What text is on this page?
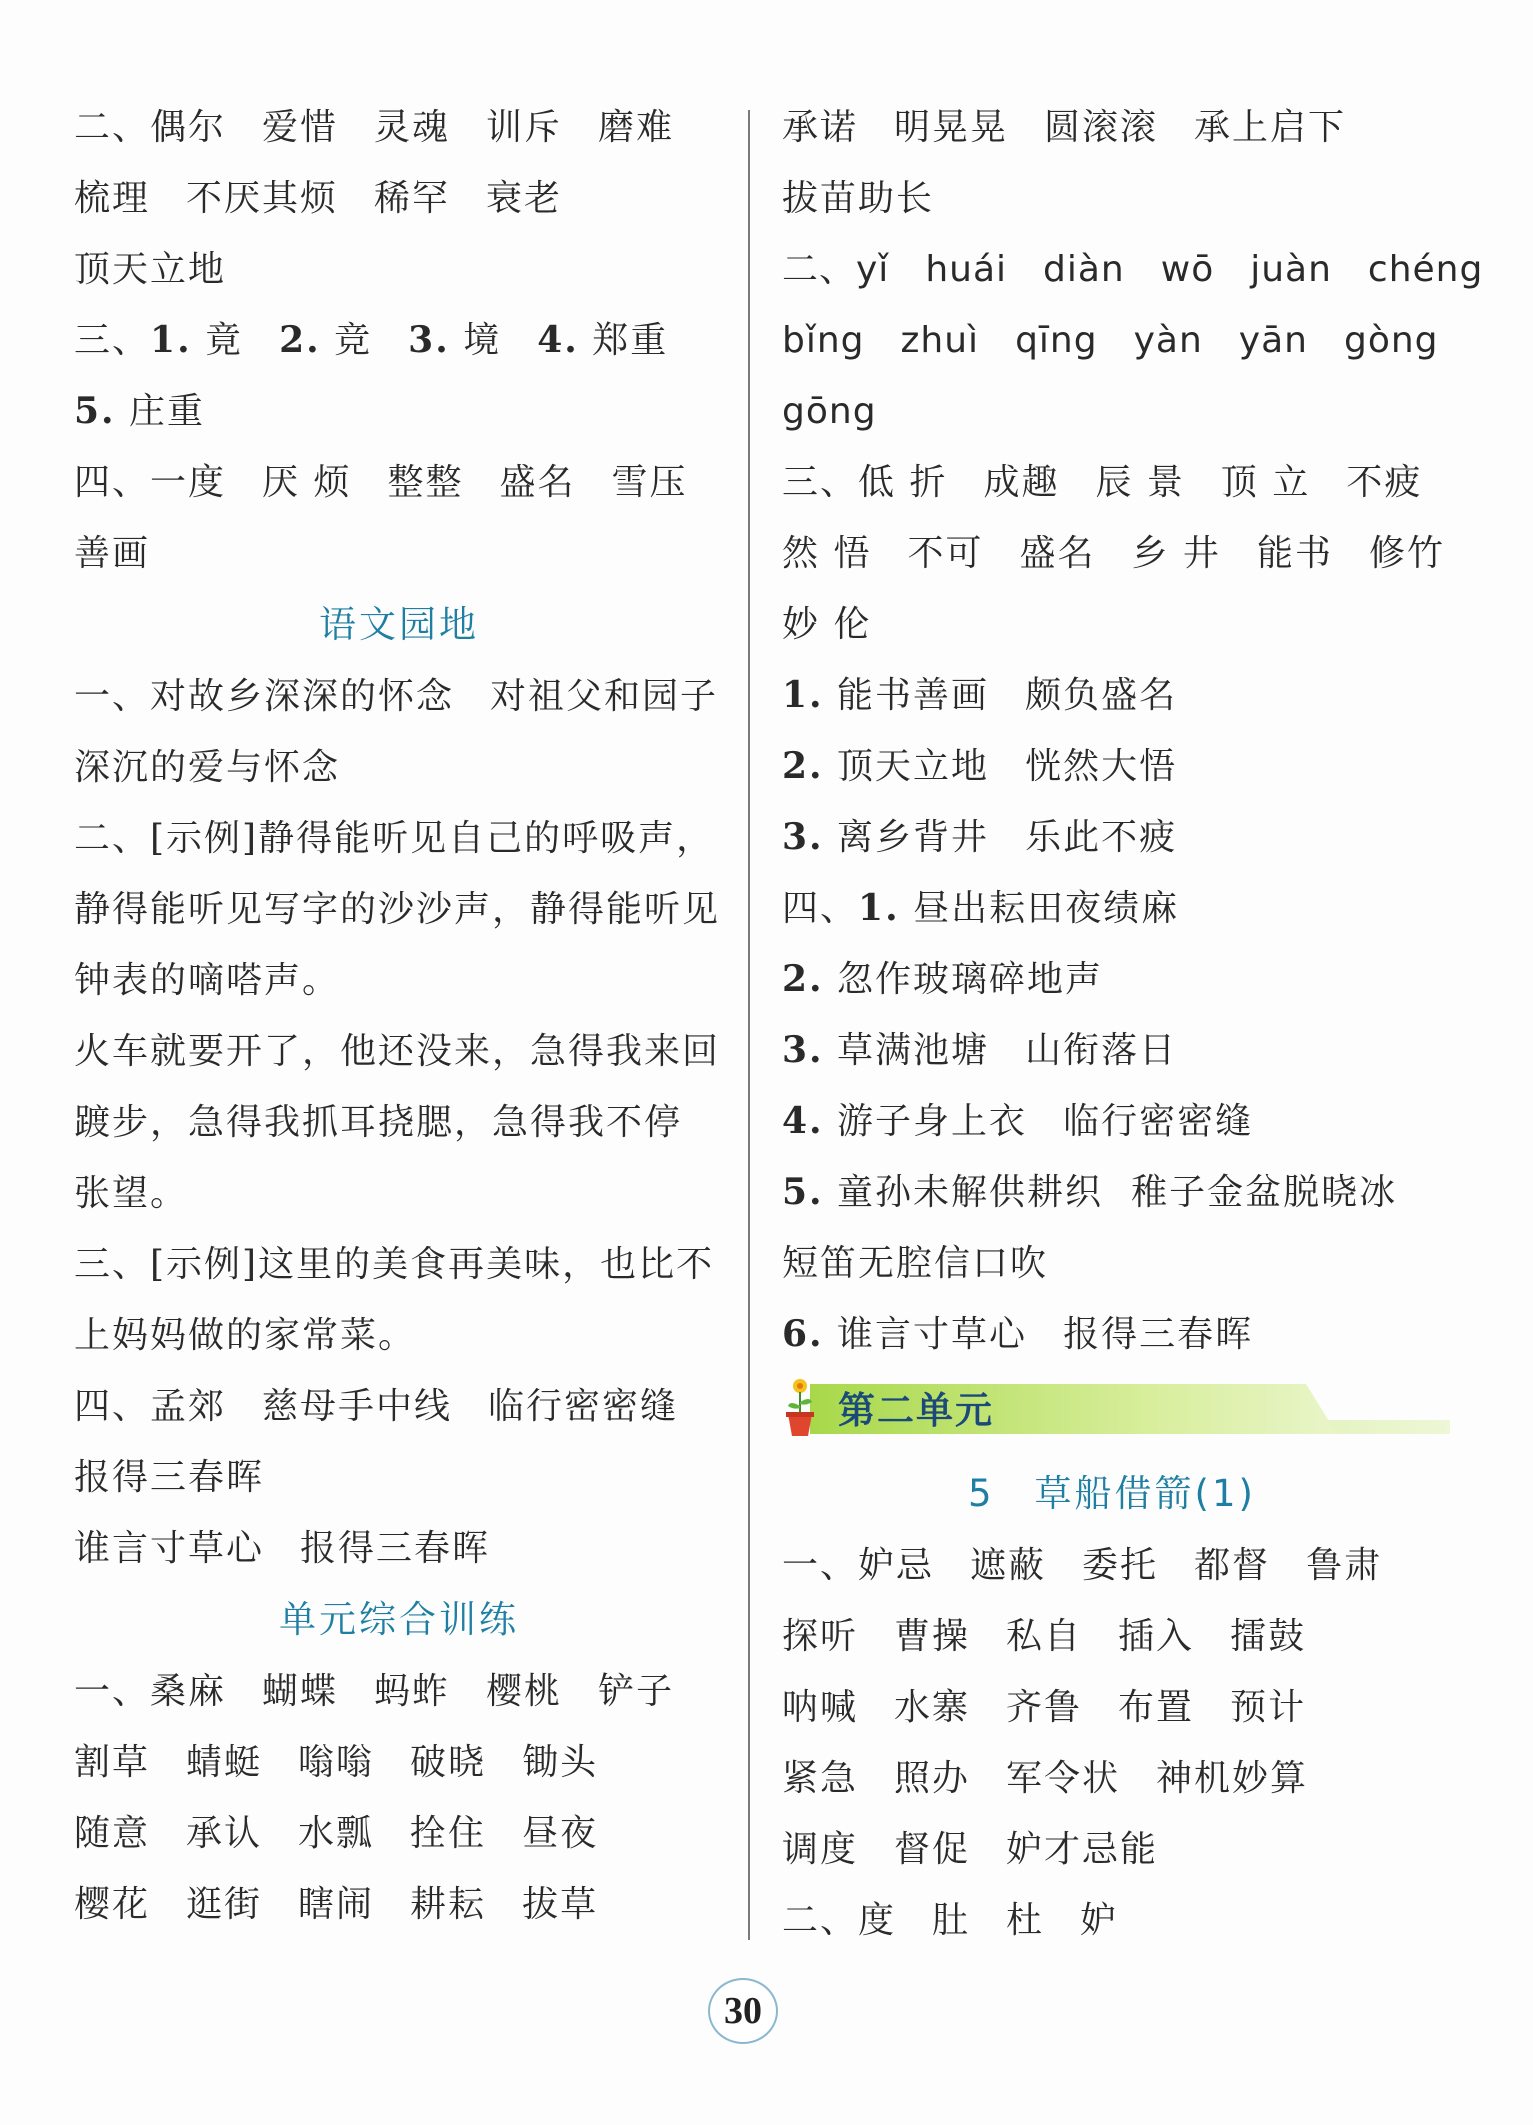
二、偶尔 爱惜 灵魂 训斥 磨难
梳理 不厌其烦 稀罕 衰老
顶天立地
三、1. 竟 2. 竞 3. 境 4. 郑重
5. 庄重
四、一度 厌 烦 整整 盛名 雪压
善画
语文园地
一、对故乡深深的怀念 对祖父和园子
深沉的爱与怀念
二、[示例]静得能听见自己的呼吸声，
静得能听见写字的沙沙声，静得能听见
钟表的嘀嗒声。
火车就要开了，他还没来，急得我来回
踱步，急得我抓耳挠腮，急得我不停
张望。
三、[示例]这里的美食再美味，也比不
上妈妈做的家常菜。
四、孟郊 慈母手中线 临行密密缝
报得三春晖
谁言寸草心 报得三春晖
单元综合训练
一、桑麻 蝴蝶 蚂蚱 樱桃 铲子
割草 蜻蜓 嗡嗡 破晓 锄头
随意 承认 水瓢 拴住 昼夜
樱花 逛街 瞎闹 耕耘 拔草
承诺 明晃晃 圆滚滚 承上启下
拔苗助长
二、yǐ huái diàn wō juàn chéng
bǐng zhuì qīng yàn yān gòng
gōng
三、低 折 成趣 辰 景 顶 立 不疲
然 悟 不可 盛名 乡 井 能书 修竹
妙 伦
1. 能书善画 颇负盛名
2. 顶天立地 恍然大悟
3. 离乡背井 乐此不疲
四、1. 昼出耘田夜绩麻
2. 忽作玻璃碎地声
3. 草满池塘 山衔落日
4. 游子身上衣 临行密密缝
5. 童孙未解供耕织 稚子金盆脱晓冰
短笛无腔信口吹
6. 谁言寸草心 报得三春晖
第二单元
5　草船借箭(1)
一、妒忌 遮蔽 委托 都督 鲁肃
探听 曹操 私自 插入 擂鼓
呐喊 水寨 齐鲁 布置 预计
紧急 照办 军令状 神机妙算
调度 督促 妒才忌能
二、度 肚 杜 妒
30
